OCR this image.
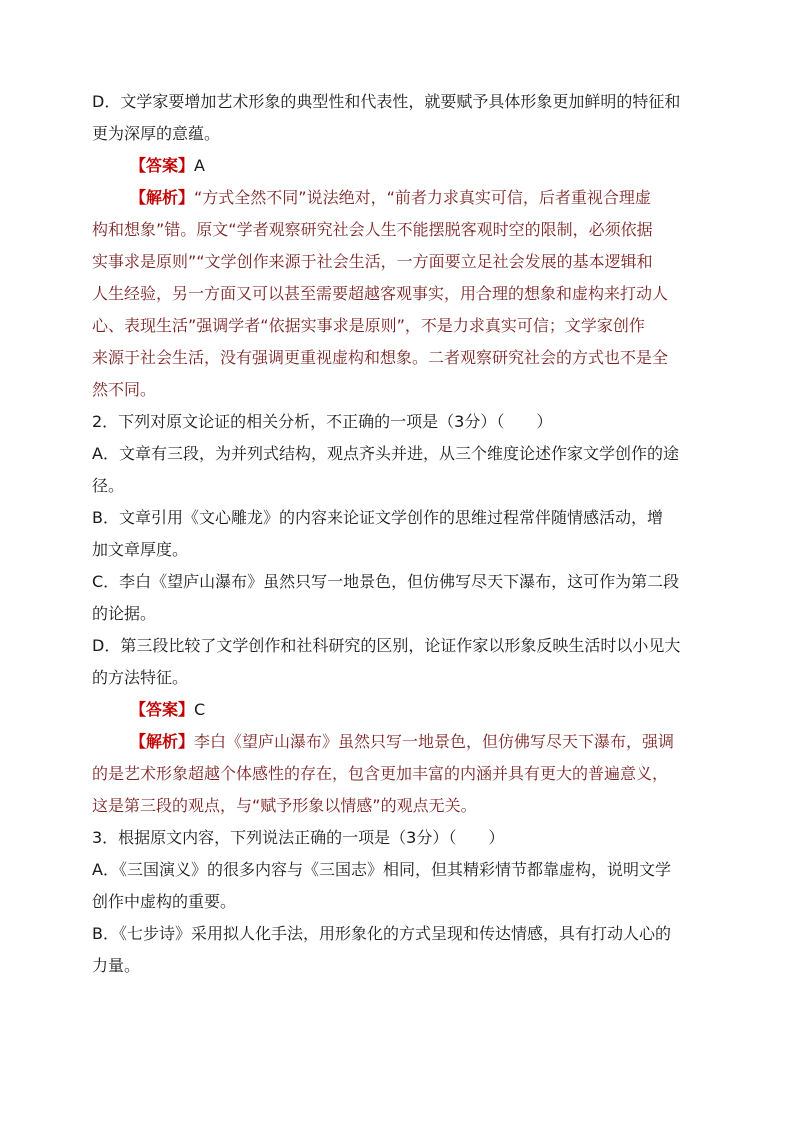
D．文学家要增加艺术形象的典型性和代表性，就要赋予具体形象更加鲜明的特征和

更为深厚的意蕴。

【答案】A

【解析】“方式全然不同”说法绝对，“前者力求真实可信，后者重视合理虚

构和想象”错。原文“学者观察研究社会人生不能摆脱客观时空的限制，必须依据

实事求是原则”“文学创作来源于社会生活，一方面要立足社会发展的基本逻辑和

人生经验，另一方面又可以甚至需要超越客观事实，用合理的想象和虚构来打动人

心、表现生活”强调学者“依据实事求是原则”，不是力求真实可信；文学家创作

来源于社会生活，没有强调更重视虚构和想象。二者观察研究社会的方式也不是全

然不同。

2．下列对原文论证的相关分析，不正确的一项是（3分）（　　）

A．文章有三段，为并列式结构，观点齐头并进，从三个维度论述作家文学创作的途

径。

B．文章引用《文心雕龙》的内容来论证文学创作的思维过程常伴随情感活动，增

加文章厚度。

C．李白《望庐山瀑布》虽然只写一地景色，但仿佛写尽天下瀑布，这可作为第二段

的论据。

D．第三段比较了文学创作和社科研究的区别，论证作家以形象反映生活时以小见大

的方法特征。

【答案】C

【解析】李白《望庐山瀑布》虽然只写一地景色，但仿佛写尽天下瀑布，强调

的是艺术形象超越个体感性的存在，包含更加丰富的内涵并具有更大的普遍意义，

这是第三段的观点，与“赋予形象以情感”的观点无关。

3．根据原文内容，下列说法正确的一项是（3分）（　　）

A．《三国演义》的很多内容与《三国志》相同，但其精彩情节都靠虚构，说明文学

创作中虚构的重要。

B．《七步诗》采用拟人化手法，用形象化的方式呈现和传达情感，具有打动人心的

力量。
